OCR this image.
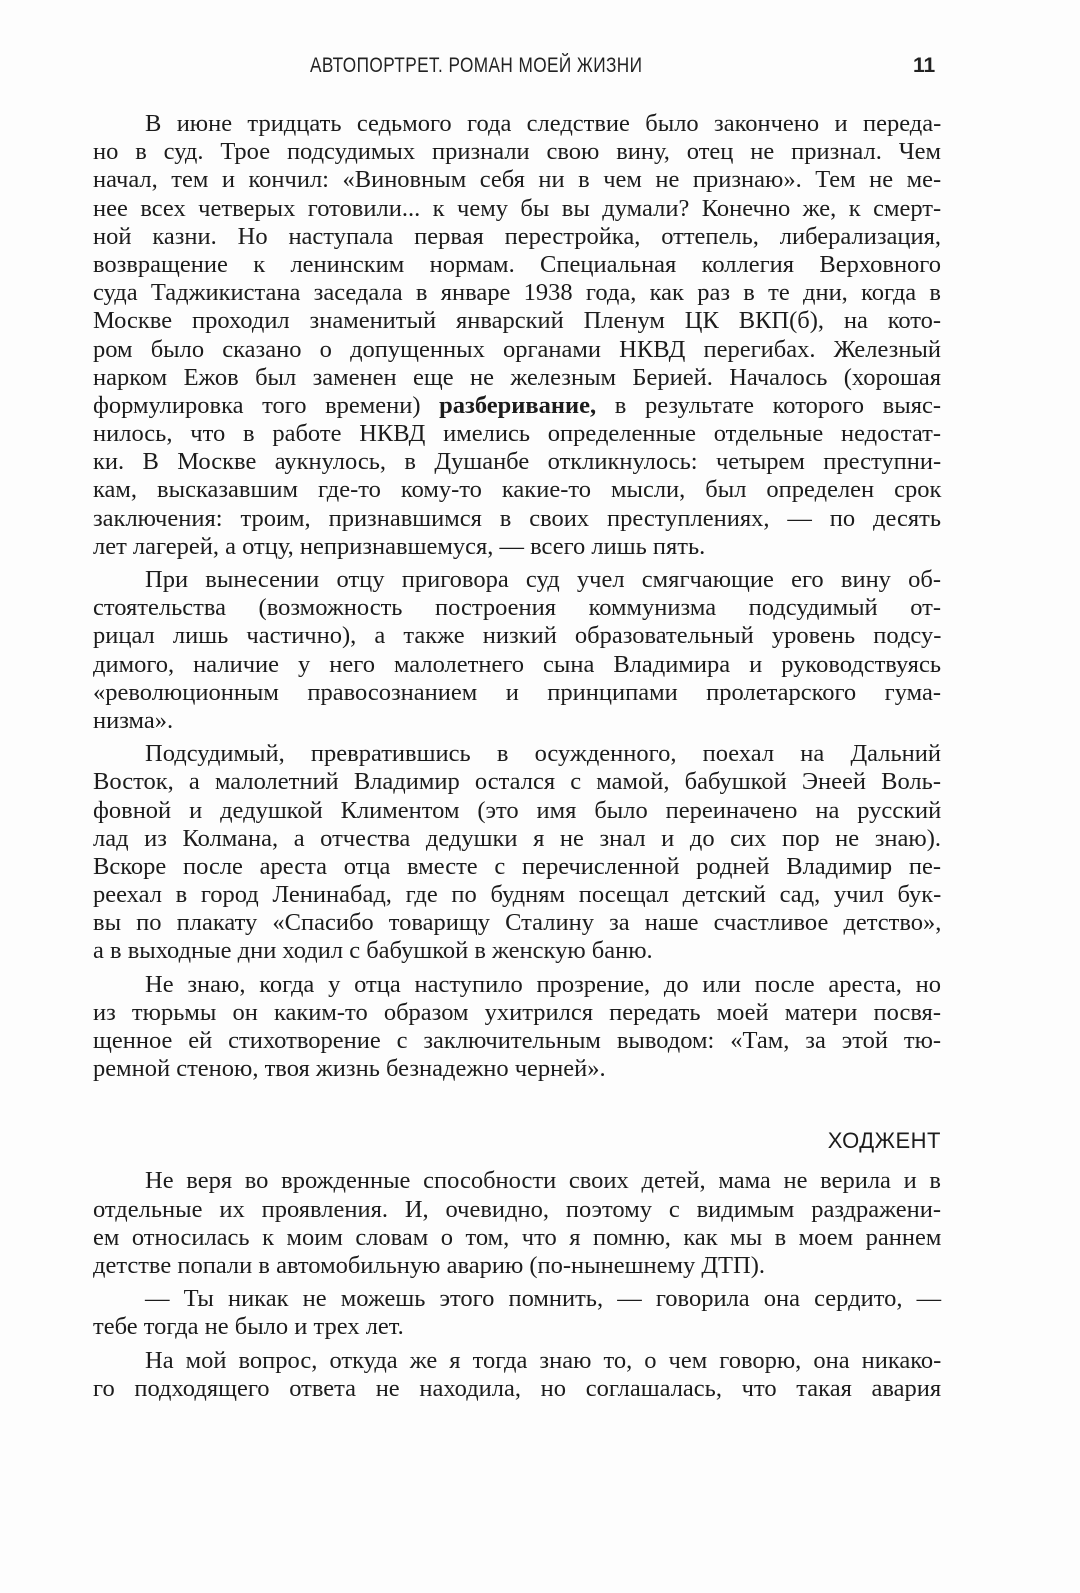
АВТОПОРТРЕТ. РОМАН МОЕЙ ЖИЗНИ	11
В июне тридцать седьмого года следствие было закончено и переда-
но в суд. Трое подсудимых признали свою вину, отец не признал. Чем
начал, тем и кончил: «Виновным себя ни в чем не признаю». Тем не ме-
нее всех четверых готовили... к чему бы вы думали? Конечно же, к смерт-
ной казни. Но наступала первая перестройка, оттепель, либерализация,
возвращение к ленинским нормам. Специальная коллегия Верховного
суда Таджикистана заседала в январе 1938 года, как раз в те дни, когда в
Москве проходил знаменитый январский Пленум ЦК ВКП(б), на кото-
ром было сказано о допущенных органами НКВД перегибах. Железный
нарком Ежов был заменен еще не железным Берией. Началось (хорошая
формулировка того времени) разберивание, в результате которого выяс-
нилось, что в работе НКВД имелись определенные отдельные недостат-
ки. В Москве аукнулось, в Душанбе откликнулось: четырем преступни-
кам, высказавшим где-то кому-то какие-то мысли, был определен срок
заключения: троим, признавшимся в своих преступлениях, — по десять
лет лагерей, а отцу, непризнавшемуся, — всего лишь пять.
При вынесении отцу приговора суд учел смягчающие его вину об-
стоятельства (возможность построения коммунизма подсудимый от-
рицал лишь частично), а также низкий образовательный уровень подсу-
димого, наличие у него малолетнего сына Владимира и руководствуясь
«революционным правосознанием и принципами пролетарского гума-
низма».
Подсудимый, превратившись в осужденного, поехал на Дальний
Восток, а малолетний Владимир остался с мамой, бабушкой Энеей Воль-
фовной и дедушкой Климентом (это имя было переиначено на русский
лад из Колмана, а отчества дедушки я не знал и до сих пор не знаю).
Вскоре после ареста отца вместе с перечисленной родней Владимир пе-
реехал в город Ленинабад, где по будням посещал детский сад, учил бук-
вы по плакату «Спасибо товарищу Сталину за наше счастливое детство»,
а в выходные дни ходил с бабушкой в женскую баню.
Не знаю, когда у отца наступило прозрение, до или после ареста, но
из тюрьмы он каким-то образом ухитрился передать моей матери посвя-
щенное ей стихотворение с заключительным выводом: «Там, за этой тю-
ремной стеною, твоя жизнь безнадежно черней».
ХОДЖЕНТ
Не веря во врожденные способности своих детей, мама не верила и в
отдельные их проявления. И, очевидно, поэтому с видимым раздражени-
ем относилась к моим словам о том, что я помню, как мы в моем раннем
детстве попали в автомобильную аварию (по-нынешнему ДТП).
— Ты никак не можешь этого помнить, — говорила она сердито, —
тебе тогда не было и трех лет.
На мой вопрос, откуда же я тогда знаю то, о чем говорю, она никако-
го подходящего ответа не находила, но соглашалась, что такая авария
